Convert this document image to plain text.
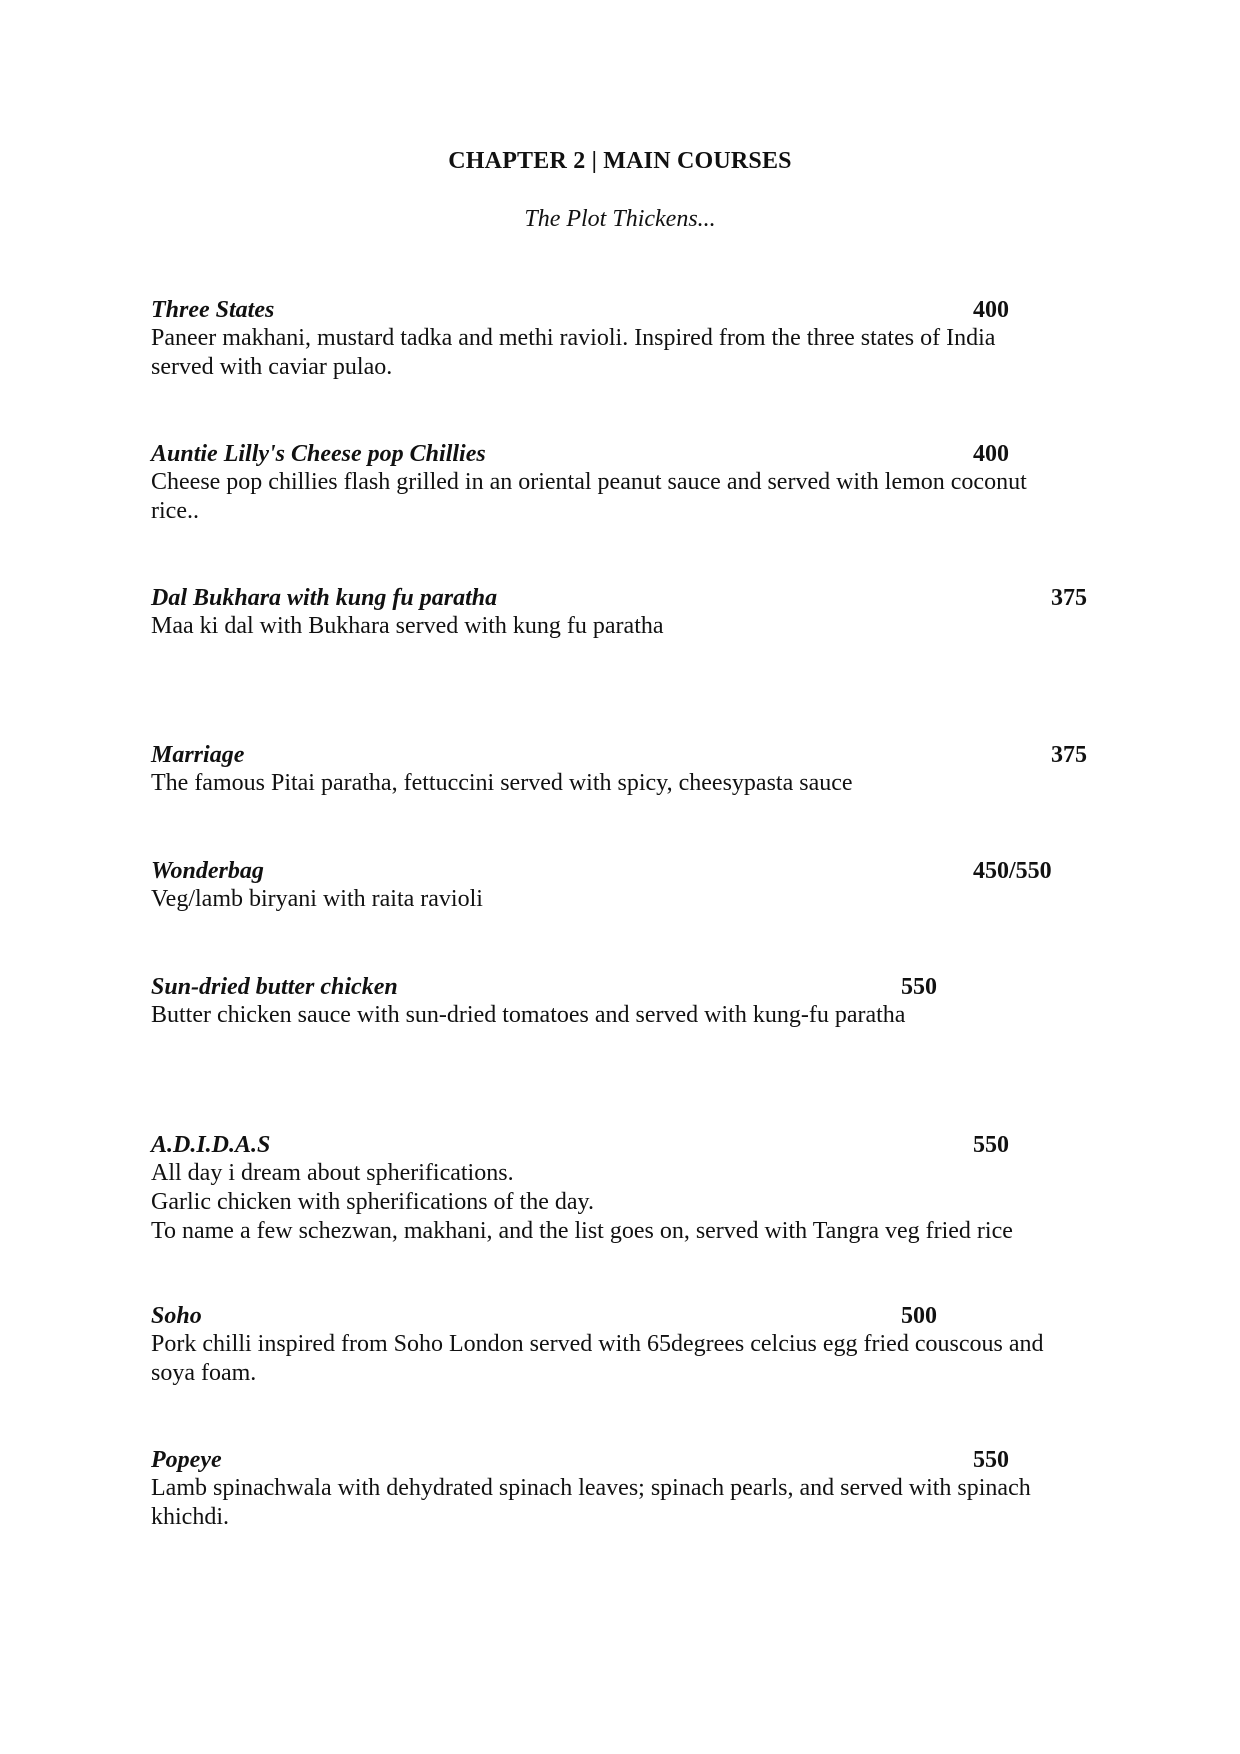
CHAPTER 2 | MAIN COURSES
The Plot Thickens...
Three States	400
Paneer makhani, mustard tadka and methi ravioli. Inspired from the three states of India
served with caviar pulao.
Auntie Lilly's Cheese pop Chillies	400
Cheese pop chillies flash grilled in an oriental peanut sauce and served with lemon coconut
rice..
Dal Bukhara with kung fu paratha	375
Maa ki dal with Bukhara served with kung fu paratha
Marriage	375
The famous Pitai paratha, fettuccini served with spicy, cheesypasta sauce
Wonderbag	450/550
Veg/lamb biryani with raita ravioli
Sun-dried butter chicken	550
Butter chicken sauce with sun-dried tomatoes and served with kung-fu paratha
A.D.I.D.A.S	550
All day i dream about spherifications.
Garlic chicken with spherifications of the day.
To name a few schezwan, makhani, and the list goes on, served with Tangra veg fried rice
Soho	500
Pork chilli inspired from Soho London served with 65degrees celcius egg fried couscous and
soya foam.
Popeye	550
Lamb spinachwala with dehydrated spinach leaves; spinach pearls, and served with spinach
khichdi.
